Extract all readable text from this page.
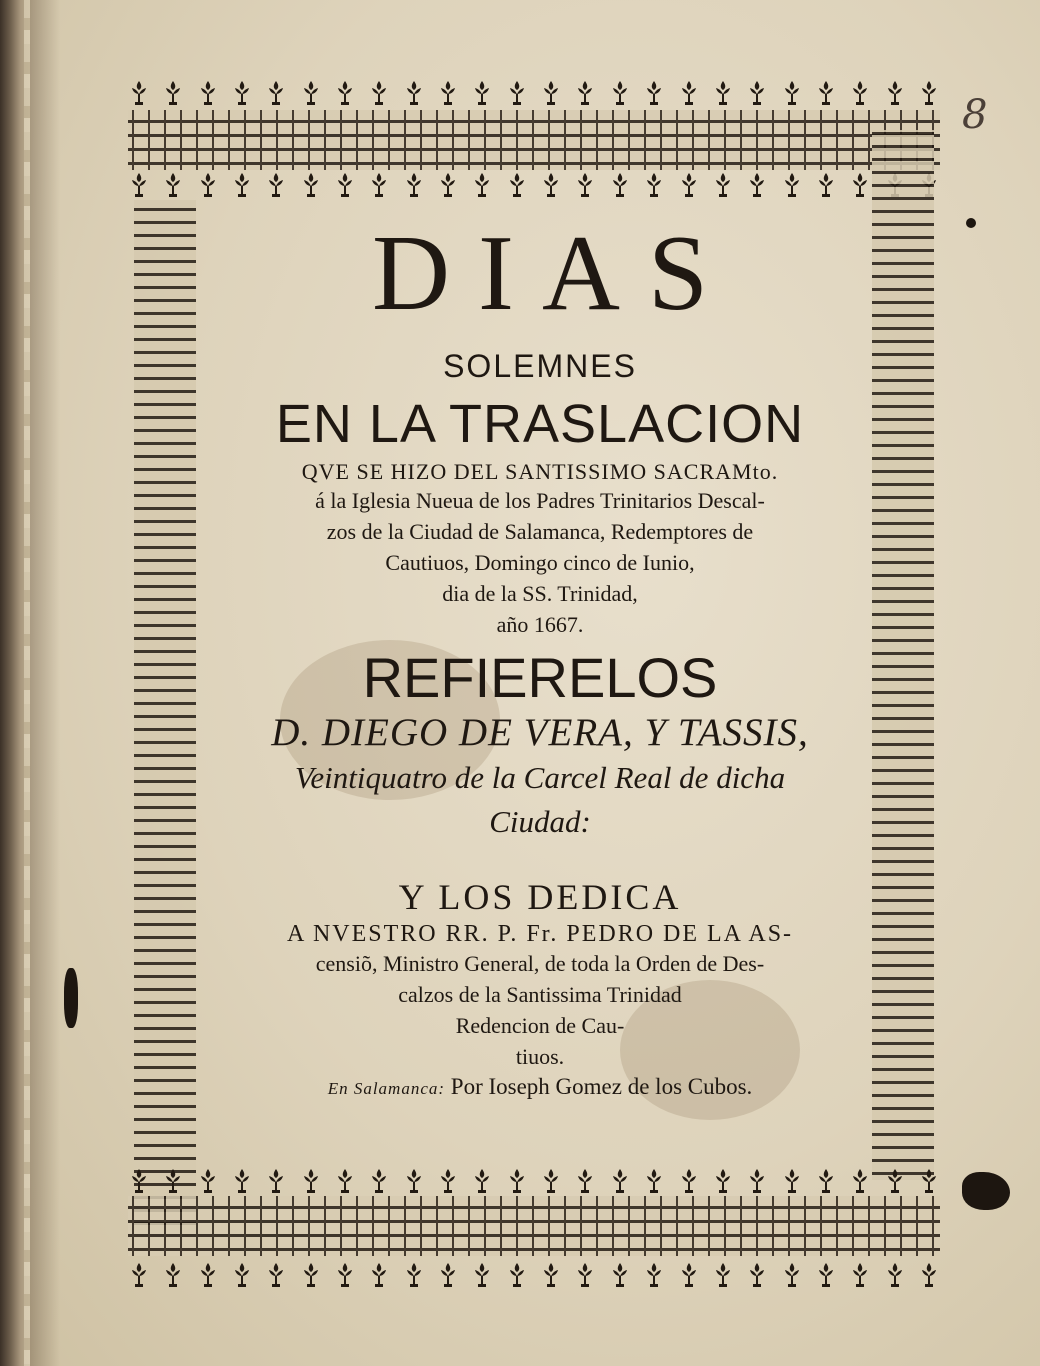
8
DIAS
SOLEMNES
EN LA TRASLACION
QVE SE HIZO DEL SANTISSIMO SACRAMto.
á la Iglesia Nueua de los Padres Trinitarios Descal-
zos de la Ciudad de Salamanca, Redemptores de
Cautiuos, Domingo cinco de Iunio,
dia de la SS. Trinidad,
año 1667.
REFIERELOS
D. DIEGO DE VERA, Y TASSIS,
Veintiquatro de la Carcel Real de dicha
Ciudad:
Y LOS DEDICA
A NVESTRO RR. P. Fr. PEDRO DE LA AS-
censiõ, Ministro General, de toda la Orden de Des-
calzos de la Santissima Trinidad
Redencion de Cau-
tiuos.
En Salamanca: Por Ioseph Gomez de los Cubos.
